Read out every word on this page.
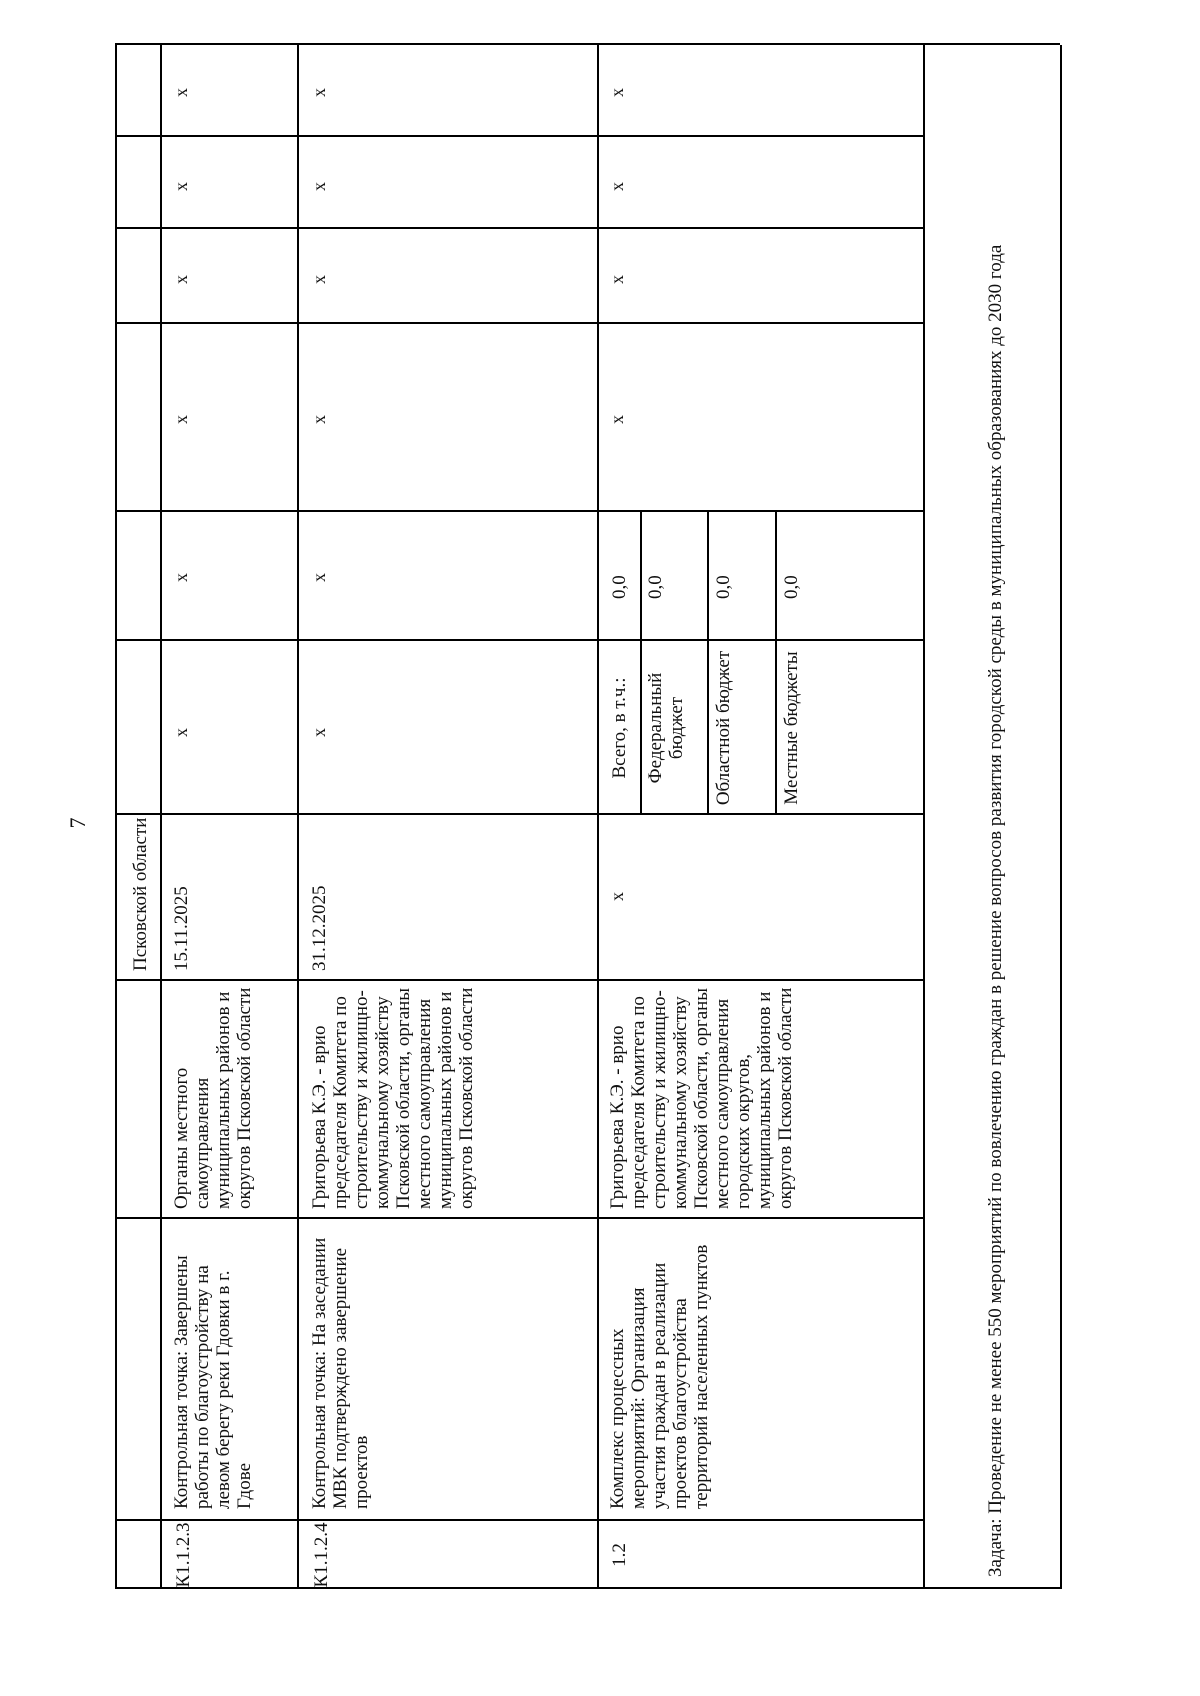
7 Псковской области
К1.1.2.3
Контрольная точка: Завершены работы по благоустройству на левом берегу реки Гдовки в г. Гдове
Органы местного самоуправления муниципальных районов и округов Псковской области
15.11.2025
x
x
x
x
x
x
К1.1.2.4
Контрольная точка: На заседании МВК подтверждено завершение проектов
Григорьева К.Э. - врио председателя Комитета по строительству и жилищно-коммунальному хозяйству Псковской области, органы местного самоуправления муниципальных районов и округов Псковской области
31.12.2025
x
x
x
x
x
x
1.2
Комплекс процессных мероприятий: Организация участия граждан в реализации проектов благоустройства территорий населенных пунктов
Григорьева К.Э. - врио председателя Комитета по строительству и жилищно-коммунальному хозяйству Псковской области, органы местного самоуправления городских округов, муниципальных районов и округов Псковской области
x
Всего, в т.ч.: Федеральный бюджет Областной бюджет Местные бюджеты
0,0 0,0 0,0 0,0
x
x
x
x
Задача: Проведение не менее 550 мероприятий по вовлечению граждан в решение вопросов развития городской среды в муниципальных образованиях до 2030 года
